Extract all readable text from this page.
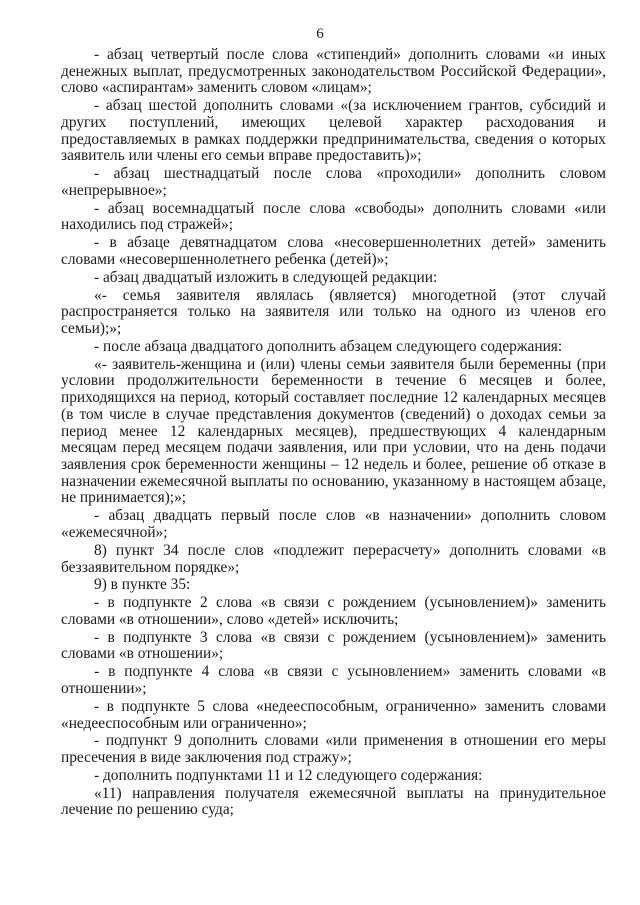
6

- абзац четвертый после слова «стипендий» дополнить словами «и иных денежных выплат, предусмотренных законодательством Российской Федерации», слово «аспирантам» заменить словом «лицам»;

- абзац шестой дополнить словами «(за исключением грантов, субсидий и других поступлений, имеющих целевой характер расходования и предоставляемых в рамках поддержки предпринимательства, сведения о которых заявитель или члены его семьи вправе предоставить)»;

- абзац шестнадцатый после слова «проходили» дополнить словом «непрерывное»;

- абзац восемнадцатый после слова «свободы» дополнить словами «или находились под стражей»;

- в абзаце девятнадцатом слова «несовершеннолетних детей» заменить словами «несовершеннолетнего ребенка (детей)»;

- абзац двадцатый изложить в следующей редакции:

«- семья заявителя являлась (является) многодетной (этот случай распространяется только на заявителя или только на одного из членов его семьи);»;

- после абзаца двадцатого дополнить абзацем следующего содержания:

«- заявитель-женщина и (или) члены семьи заявителя были беременны (при условии продолжительности беременности в течение 6 месяцев и более, приходящихся на период, который составляет последние 12 календарных месяцев (в том числе в случае представления документов (сведений) о доходах семьи за период менее 12 календарных месяцев), предшествующих 4 календарным месяцам перед месяцем подачи заявления, или при условии, что на день подачи заявления срок беременности женщины – 12 недель и более, решение об отказе в назначении ежемесячной выплаты по основанию, указанному в настоящем абзаце, не принимается);»;

- абзац двадцать первый после слов «в назначении» дополнить словом «ежемесячной»;

8) пункт 34 после слов «подлежит перерасчету» дополнить словами «в беззаявительном порядке»;

9) в пункте 35:

- в подпункте 2 слова «в связи с рождением (усыновлением)» заменить словами «в отношении», слово «детей» исключить;

- в подпункте 3 слова «в связи с рождением (усыновлением)» заменить словами «в отношении»;

- в подпункте 4 слова «в связи с усыновлением» заменить словами «в отношении»;

- в подпункте 5 слова «недееспособным, ограниченно» заменить словами «недееспособным или ограниченно»;

- подпункт 9 дополнить словами «или применения в отношении его меры пресечения в виде заключения под стражу»;

- дополнить подпунктами 11 и 12 следующего содержания:

«11) направления получателя ежемесячной выплаты на принудительное лечение по решению суда;
